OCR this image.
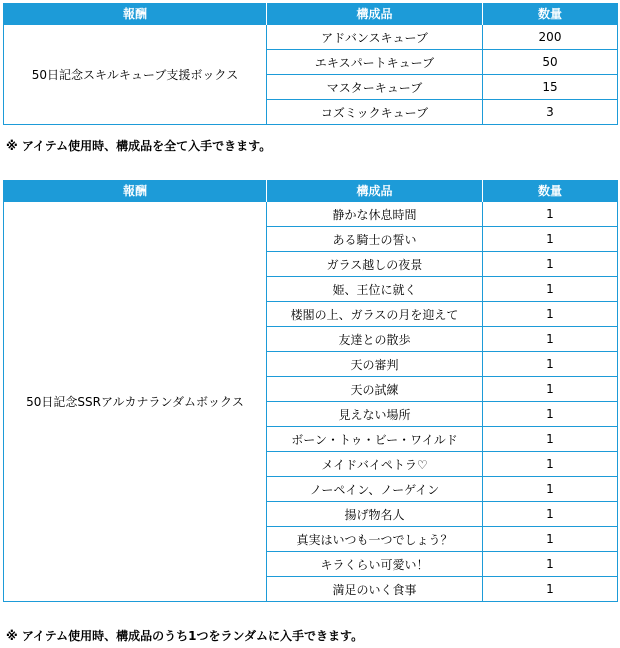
報酬	構成品	数量
50日記念スキルキューブ支援ボックス	アドバンスキューブ	200
	エキスパートキューブ	50
	マスターキューブ	15
	コズミックキューブ	3
※ アイテム使用時、構成品を全て入手できます。
報酬	構成品	数量
50日記念SSRアルカナランダムボックス	静かな休息時間	1
	ある騎士の誓い	1
	ガラス越しの夜景	1
	姫、王位に就く	1
	楼閣の上、ガラスの月を迎えて	1
	友達との散歩	1
	天の審判	1
	天の試練	1
	見えない場所	1
	ボーン・トゥ・ビー・ワイルド	1
	メイドバイペトラ♡	1
	ノーペイン、ノーゲイン	1
	揚げ物名人	1
	真実はいつも一つでしょう？	1
	キラくらい可愛い！	1
	満足のいく食事	1
※ アイテム使用時、構成品のうち1つをランダムに入手できます。
